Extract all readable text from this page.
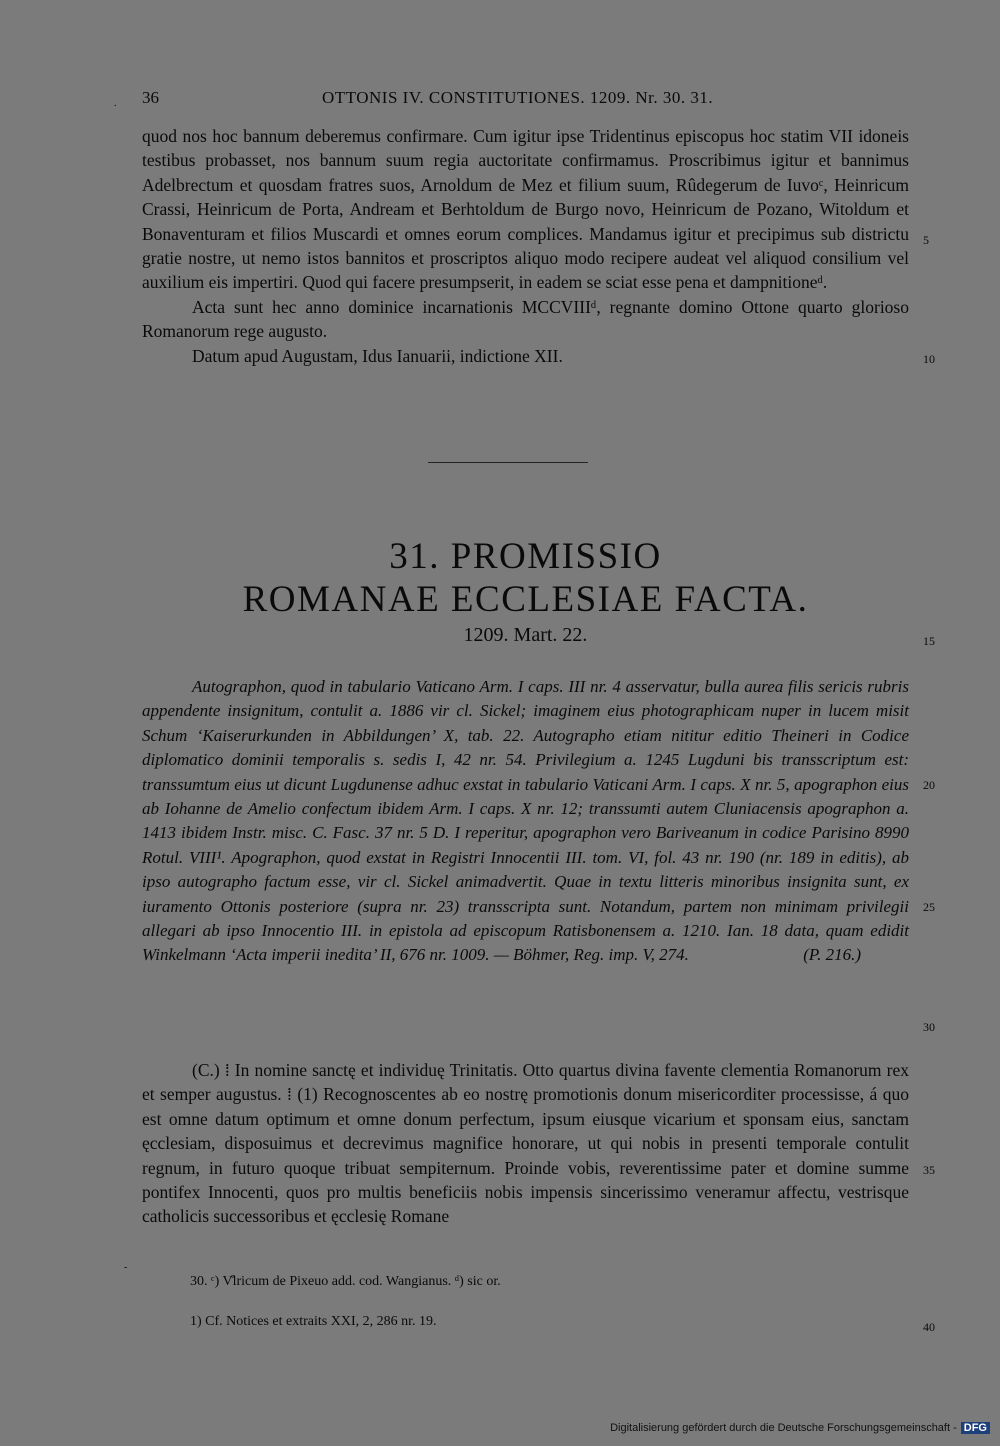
. 36	OTTONIS IV. CONSTITUTIONES. 1209. Nr. 30. 31.

quod nos hoc bannum deberemus confirmare. Cum igitur ipse Tridentinus episcopus hoc statim VII idoneis testibus probasset, nos bannum suum regia auctoritate confirmamus. Proscribimus igitur et bannimus Adelbrectum et quosdam fratres suos, Arnoldum de Mez et filium suum, Rûdegerum de Iuvoᶜ, Heinricum Crassi, Heinricum de Porta, Andream et Berhtoldum de Burgo novo, Heinricum de Pozano, Witoldum et Bonaventuram et filios Muscardi et omnes eorum complices. Mandamus igitur et precipimus sub districtu gratie nostre, ut nemo istos bannitos et proscriptos aliquo modo recipere audeat vel aliquod consilium vel auxilium eis impertiri. Quod qui facere presumpserit, in eadem se sciat esse pena et dampnitioneᵈ.

Acta sunt hec anno dominice incarnationis MCCVIIIᵈ, regnante domino Ottone quarto glorioso Romanorum rege augusto.

Datum apud Augustam, Idus Ianuarii, indictione XII.

31. PROMISSIO
ROMANAE ECCLESIAE FACTA.
1209. Mart. 22.

Autographon, quod in tabulario Vaticano Arm. I caps. III nr. 4 asservatur, bulla aurea filis sericis rubris appendente insignitum, contulit a. 1886 vir cl. Sickel; imaginem eius photographicam nuper in lucem misit Schum ‘Kaiserurkunden in Abbildungen’ X, tab. 22. Autographo etiam nititur editio Theineri in Codice diplomatico dominii temporalis s. sedis I, 42 nr. 54. Privilegium a. 1245 Lugduni bis transscriptum est: transsumtum eius ut dicunt Lugdunense adhuc exstat in tabulario Vaticani Arm. I caps. X nr. 5, apographon eius ab Iohanne de Amelio confectum ibidem Arm. I caps. X nr. 12; transsumti autem Cluniacensis apographon a. 1413 ibidem Instr. misc. C. Fasc. 37 nr. 5 D. I reperitur, apographon vero Bariveanum in codice Parisino 8990 Rotul. VIII¹. Apographon, quod exstat in Registri Innocentii III. tom. VI, fol. 43 nr. 190 (nr. 189 in editis), ab ipso autographo factum esse, vir cl. Sickel animadvertit. Quae in textu litteris minoribus insignita sunt, ex iuramento Ottonis posteriore (supra nr. 23) transscripta sunt. Notandum, partem non minimam privilegii allegari ab ipso Innocentio III. in epistola ad episcopum Ratisbonensem a. 1210. Ian. 18 data, quam edidit Winkelmann ‘Acta imperii inedita’ II, 676 nr. 1009. — Böhmer, Reg. imp. V, 274.	(P. 216.)

(C.) ⁞ In nomine sanctę et individuę Trinitatis. Otto quartus divina favente clementia Romanorum rex et semper augustus. ⁞ (1) Recognoscentes ab eo nostrę promotionis donum misericorditer processisse, á quo est omne datum optimum et omne donum perfectum, ipsum eiusque vicarium et sponsam eius, sanctam ęcclesiam, disposuimus et decrevimus magnifice honorare, ut qui nobis in presenti temporale contulit regnum, in futuro quoque tribuat sempiternum. Proinde vobis, reverentissime pater et domine summe pontifex Innocenti, quos pro multis beneficiis nobis impensis sincerissimo veneramur affectu, vestrisque catholicis successoribus et ęcclesię Romane

-
30. ᶜ) V̊lricum de Pixeuo add. cod. Wangianus. ᵈ) sic or.
1) Cf. Notices et extraits XXI, 2, 286 nr. 19.
5
10
15
20
25
30
35
40
Digitalisierung gefördert durch die Deutsche Forschungsgemeinschaft - DFG
